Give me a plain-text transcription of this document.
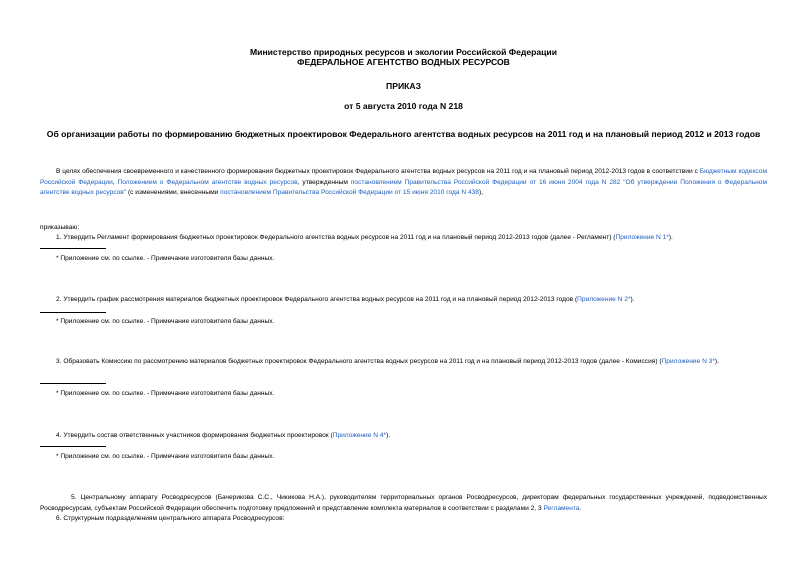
Министерство природных ресурсов и экологии Российской Федерации

ФЕДЕРАЛЬНОЕ АГЕНТСТВО ВОДНЫХ РЕСУРСОВ

ПРИКАЗ

от 5 августа 2010 года N 218

Об организации работы по формированию бюджетных проектировок Федерального агентства водных ресурсов на 2011 год и на плановый период 2012 и 2013 годов

В целях обеспечения своевременного и качественного формирования бюджетных проектировок Федерального агентства водных ресурсов на 2011 год и на плановый период 2012-2013 годов в соответствии с Бюджетным кодексом Российской Федерации, Положением о Федеральном агентстве водных ресурсов, утвержденным постановлением Правительства Российской Федерации от 16 июня 2004 года N 282 "Об утверждении Положения о Федеральном агентстве водных ресурсов" (с изменениями, внесенными постановлением Правительства Российской Федерации от 15 июня 2010 года N 438),

приказываю:

1. Утвердить Регламент формирования бюджетных проектировок Федерального агентства водных ресурсов на 2011 год и на плановый период 2012-2013 годов (далее - Регламент) (Приложение N 1*).

* Приложение см. по ссылке. - Примечание изготовителя базы данных.

2. Утвердить график рассмотрения материалов бюджетных проектировок Федерального агентства водных ресурсов на 2011 год и на плановый период 2012-2013 годов (Приложение N 2*).

* Приложение см. по ссылке. - Примечание изготовителя базы данных.

3. Образовать Комиссию по рассмотрению материалов бюджетных проектировок Федерального агентства водных ресурсов на 2011 год и на плановый период 2012-2013 годов (далее - Комиссия) (Приложение N 3*).

* Приложение см. по ссылке. - Примечание изготовителя базы данных.

4. Утвердить состав ответственных участников формирования бюджетных проектировок (Приложение N 4*).

* Приложение см. по ссылке. - Примечание изготовителя базы данных.

5. Центральному аппарату Росводресурсов (Бачерикова С.С., Чикикова Н.А.), руководителям территориальных органов Росводресурсов, директорам федеральных государственных учреждений, подведомственных Росводресурсам, субъектам Российской Федерации обеспечить подготовку предложений и представление комплекта материалов в соответствии с разделами 2, 3 Регламента.

6. Структурным подразделениям центрального аппарата Росводресурсов:
